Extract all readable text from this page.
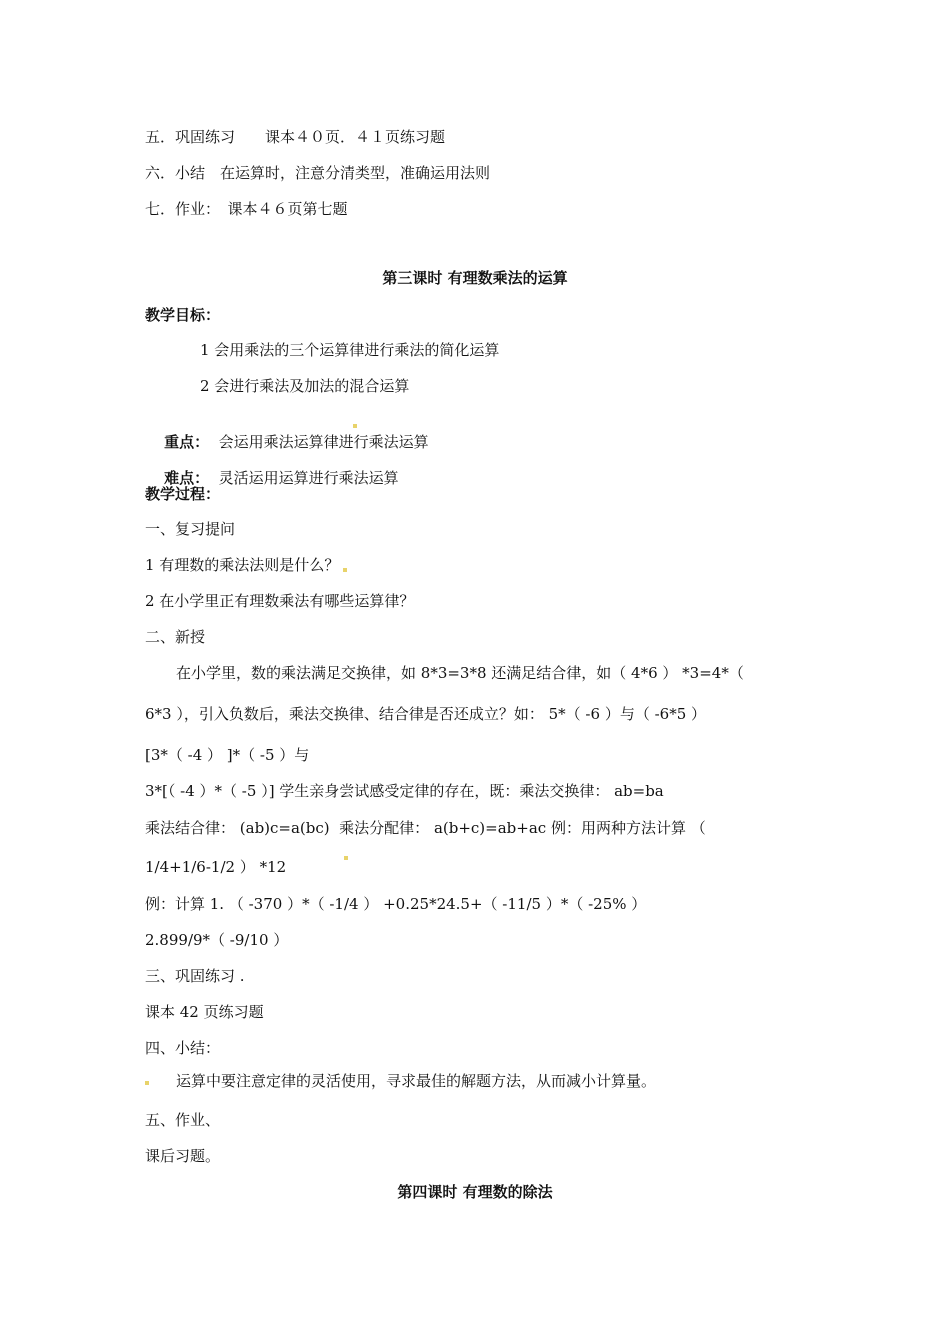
五．巩固练习　　课本４０页．４１页练习题
六．小结　在运算时，注意分清类型，准确运用法则
七．作业：　课本４６页第七题
第三课时 有理数乘法的运算
教学目标：
1 会用乘法的三个运算律进行乘法的简化运算
2 会进行乘法及加法的混合运算

重点： 会运用乘法运算律进行乘法运算

难点： 灵活运用运算进行乘法运算

教学过程：
一、复习提问
1 有理数的乘法法则是什么？
2 在小学里正有理数乘法有哪些运算律？
二、新授
在小学里，数的乘法满足交换律，如 8*3=3*8 还满足结合律，如（ 4*6 ） *3=4*（
6*3 ），引入负数后，乘法交换律、结合律是否还成立？如： 5*（ -6 ）与（ -6*5 ）
[3*（ -4 ） ]*（ -5 ）与
3*[（ -4 ）*（ -5 ）] 学生亲身尝试感受定律的存在，既：乘法交换律： ab=ba
乘法结合律： (ab)c=a(bc)  乘法分配律： a(b+c)=ab+ac 例：用两种方法计算 （
1/4+1/6-1/2 ） *12
例：计算 1. （ -370 ）*（ -1/4 ） +0.25*24.5+（ -11/5 ）*（ -25% ）
2.899/9*（ -9/10 ）
三、巩固练习 .
课本 42 页练习题
四、小结：
运算中要注意定律的灵活使用，寻求最佳的解题方法，从而减小计算量。
五、作业、
课后习题。
第四课时 有理数的除法
